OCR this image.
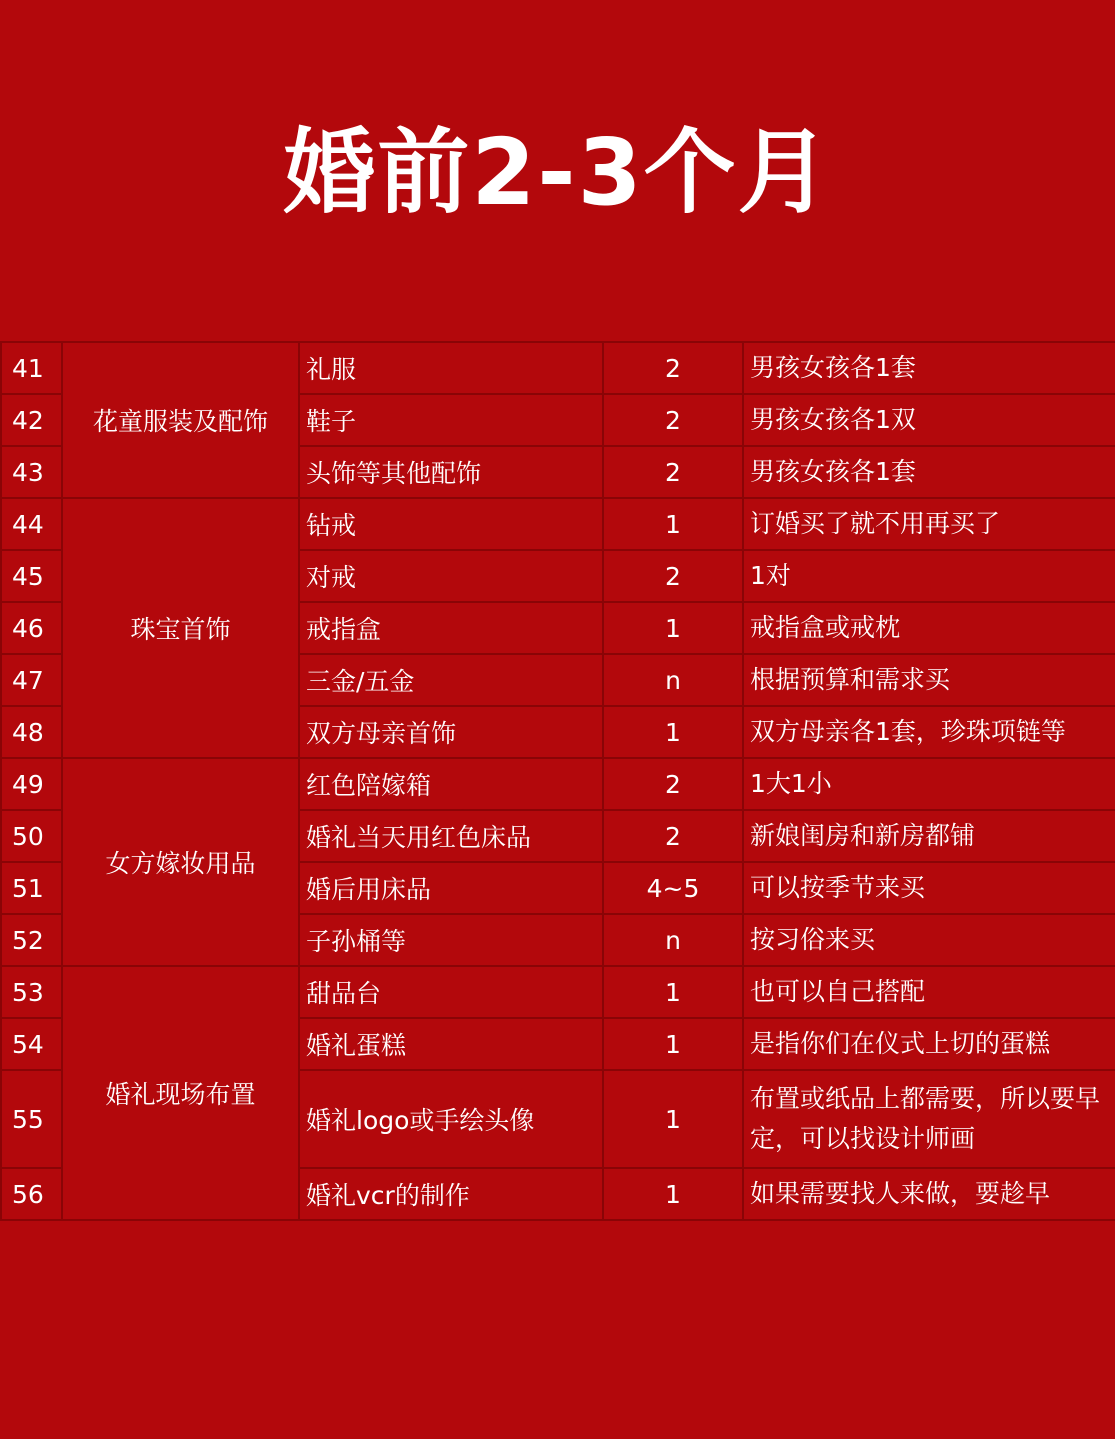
婚前2-3个月
41	花童服装及配饰	礼服	2	男孩女孩各1套
42		鞋子	2	男孩女孩各1双
43		头饰等其他配饰	2	男孩女孩各1套
44	珠宝首饰	钻戒	1	订婚买了就不用再买了
45		对戒	2	1对
46		戒指盒	1	戒指盒或戒枕
47		三金/五金	n	根据预算和需求买
48		双方母亲首饰	1	双方母亲各1套，珍珠项链等
49	女方嫁妆用品	红色陪嫁箱	2	1大1小
50		婚礼当天用红色床品	2	新娘闺房和新房都铺
51		婚后用床品	4~5	可以按季节来买
52		子孙桶等	n	按习俗来买
53	婚礼现场布置	甜品台	1	也可以自己搭配
54		婚礼蛋糕	1	是指你们在仪式上切的蛋糕
55		婚礼logo或手绘头像	1	布置或纸品上都需要，所以要早定，可以找设计师画
56		婚礼vcr的制作	1	如果需要找人来做，要趁早
